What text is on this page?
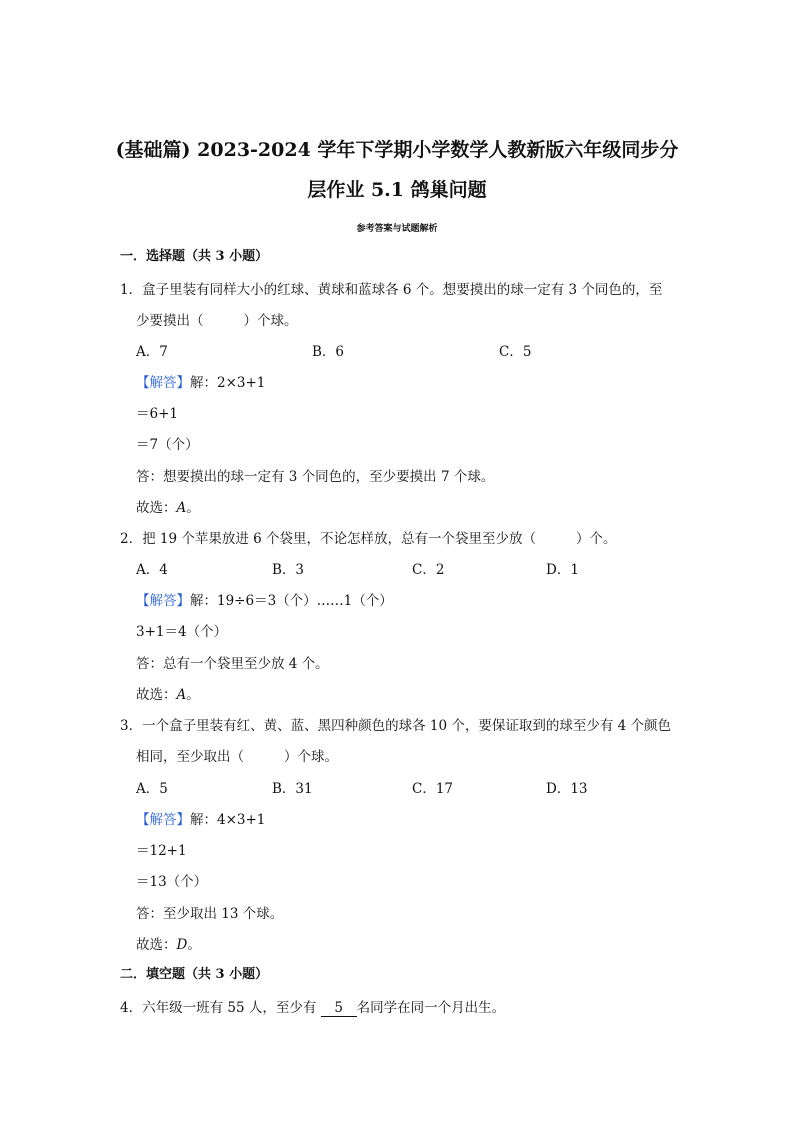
(基础篇) 2023-2024 学年下学期小学数学人教新版六年级同步分
层作业 5.1 鸽巢问题
参考答案与试题解析
一．选择题（共 3 小题）
1．盒子里装有同样大小的红球、黄球和蓝球各 6 个。想要摸出的球一定有 3 个同色的，至
少要摸出（	）个球。
A．7	B．6	C．5
【解答】解：2×3+1
＝6+1
＝7（个）
答：想要摸出的球一定有 3 个同色的，至少要摸出 7 个球。
故选：A。
2．把 19 个苹果放进 6 个袋里，不论怎样放，总有一个袋里至少放（	）个。
A．4	B．3	C．2	D．1
【解答】解：19÷6＝3（个）……1（个）
3+1＝4（个）
答：总有一个袋里至少放 4 个。
故选：A。
3．一个盒子里装有红、黄、蓝、黑四种颜色的球各 10 个，要保证取到的球至少有 4 个颜色
相同，至少取出（	）个球。
A．5	B．31	C．17	D．13
【解答】解：4×3+1
＝12+1
＝13（个）
答：至少取出 13 个球。
故选：D。
二．填空题（共 3 小题）
4．六年级一班有 55 人，至少有 5 名同学在同一个月出生。
